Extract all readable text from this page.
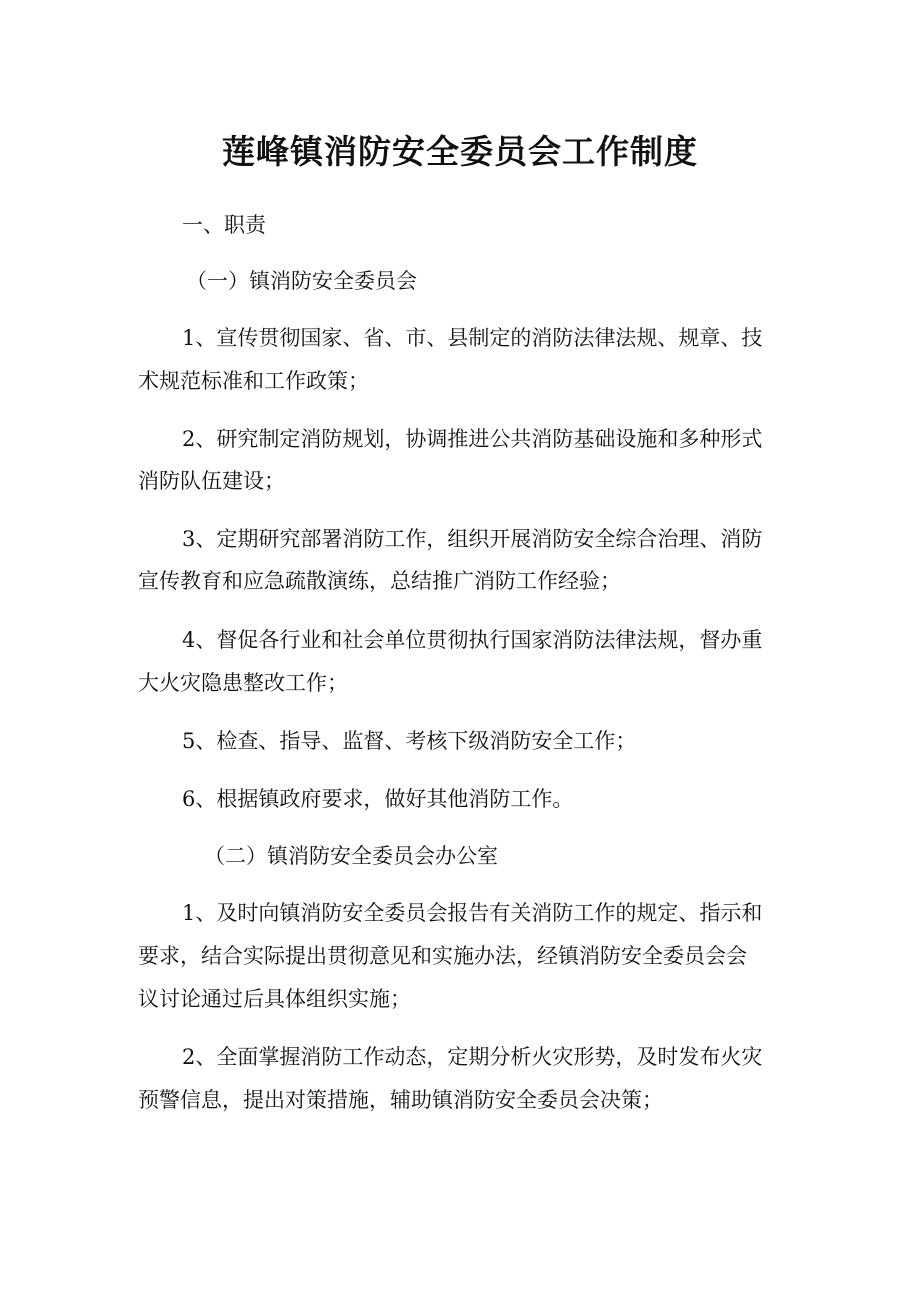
莲峰镇消防安全委员会工作制度

一、职责

（一）镇消防安全委员会

1、宣传贯彻国家、省、市、县制定的消防法律法规、规章、技

术规范标准和工作政策；

2、研究制定消防规划，协调推进公共消防基础设施和多种形式

消防队伍建设；

3、定期研究部署消防工作，组织开展消防安全综合治理、消防

宣传教育和应急疏散演练，总结推广消防工作经验；

4、督促各行业和社会单位贯彻执行国家消防法律法规，督办重

大火灾隐患整改工作；

5、检查、指导、监督、考核下级消防安全工作；

6、根据镇政府要求，做好其他消防工作。

（二）镇消防安全委员会办公室

1、及时向镇消防安全委员会报告有关消防工作的规定、指示和

要求，结合实际提出贯彻意见和实施办法，经镇消防安全委员会会

议讨论通过后具体组织实施；

2、全面掌握消防工作动态，定期分析火灾形势，及时发布火灾

预警信息，提出对策措施，辅助镇消防安全委员会决策；
